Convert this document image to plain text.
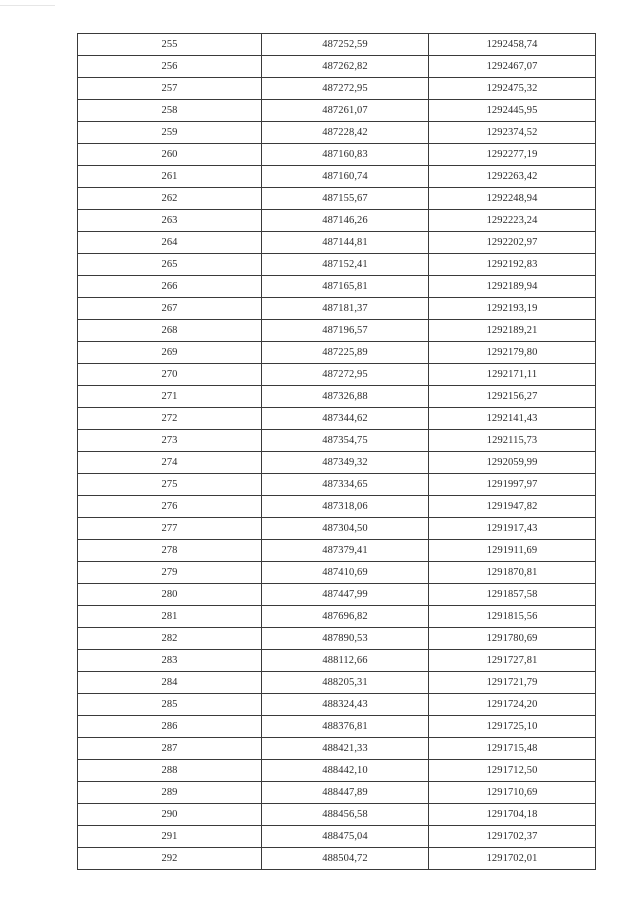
255	487252,59	1292458,74
256	487262,82	1292467,07
257	487272,95	1292475,32
258	487261,07	1292445,95
259	487228,42	1292374,52
260	487160,83	1292277,19
261	487160,74	1292263,42
262	487155,67	1292248,94
263	487146,26	1292223,24
264	487144,81	1292202,97
265	487152,41	1292192,83
266	487165,81	1292189,94
267	487181,37	1292193,19
268	487196,57	1292189,21
269	487225,89	1292179,80
270	487272,95	1292171,11
271	487326,88	1292156,27
272	487344,62	1292141,43
273	487354,75	1292115,73
274	487349,32	1292059,99
275	487334,65	1291997,97
276	487318,06	1291947,82
277	487304,50	1291917,43
278	487379,41	1291911,69
279	487410,69	1291870,81
280	487447,99	1291857,58
281	487696,82	1291815,56
282	487890,53	1291780,69
283	488112,66	1291727,81
284	488205,31	1291721,79
285	488324,43	1291724,20
286	488376,81	1291725,10
287	488421,33	1291715,48
288	488442,10	1291712,50
289	488447,89	1291710,69
290	488456,58	1291704,18
291	488475,04	1291702,37
292	488504,72	1291702,01
